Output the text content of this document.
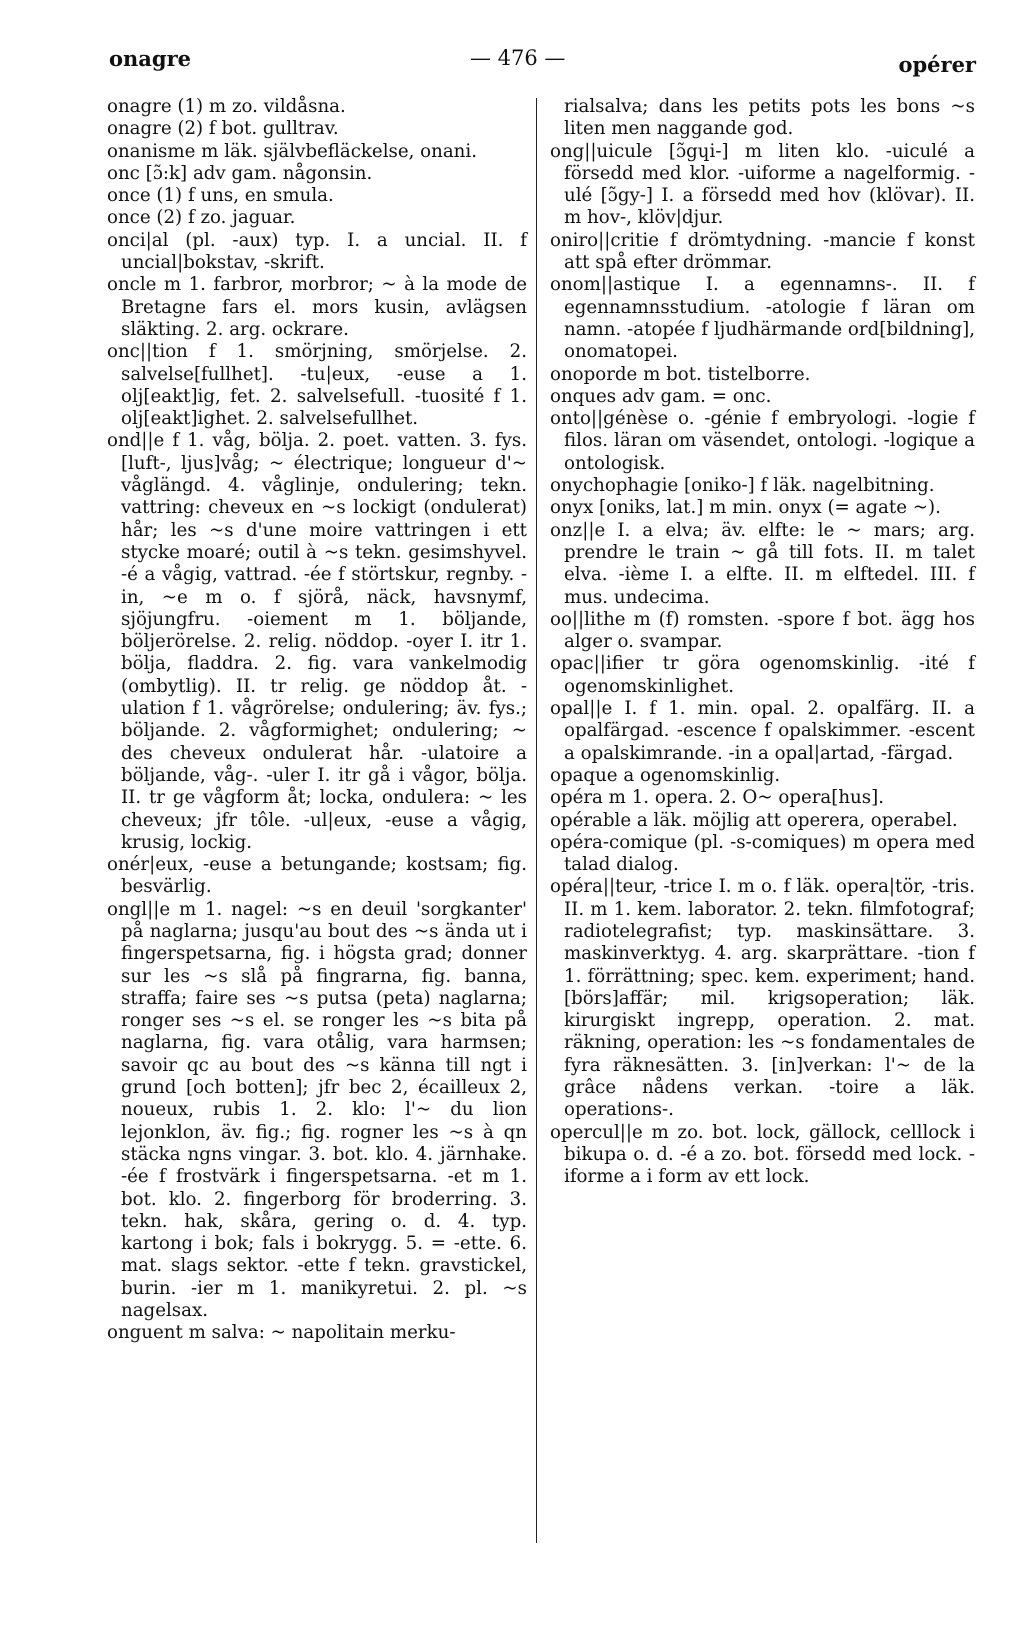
onagre	— 476 —	opérer

onagre (1) m zo. vildåsna.

onagre (2) f bot. gulltrav.

onanisme m läk. självbefläckelse, onani.

onc [ɔ̃:k] adv gam. någonsin.

once (1) f uns, en smula.

once (2) f zo. jaguar.

onci|al (pl. -aux) typ. I. a uncial. II. f uncial|bokstav, -skrift.

oncle m 1. farbror, morbror; ~ à la mode de Bretagne fars el. mors kusin, avlägsen släkting. 2. arg. ockrare.

onc||tion f 1. smörjning, smörjelse. 2. salvelse[fullhet]. -tu|eux, -euse a 1. olj[eakt]ig, fet. 2. salvelsefull. -tuosité f 1. olj[eakt]ighet. 2. salvelsefullhet.

ond||e f 1. våg, bölja. 2. poet. vatten. 3. fys. [luft-, ljus]våg; ~ électrique; longueur d'~ våglängd. 4. våglinje, ondulering; tekn. vattring: cheveux en ~s lockigt (ondulerat) hår; les ~s d'une moire vattringen i ett stycke moaré; outil à ~s tekn. gesimshyvel. -é a vågig, vattrad. -ée f störtskur, regnby. -in, ~e m o. f sjörå, näck, havsnymf, sjöjungfru. -oiement m 1. böljande, böljerörelse. 2. relig. nöddop. -oyer I. itr 1. bölja, fladdra. 2. fig. vara vankelmodig (ombytlig). II. tr relig. ge nöddop åt. -ulation f 1. vågrörelse; ondulering; äv. fys.; böljande. 2. vågformighet; ondulering; ~ des cheveux ondulerat hår. -ulatoire a böljande, våg-. -uler I. itr gå i vågor, bölja. II. tr ge vågform åt; locka, ondulera: ~ les cheveux; jfr tôle. -ul|eux, -euse a vågig, krusig, lockig.

onér|eux, -euse a betungande; kostsam; fig. besvärlig.

ongl||e m 1. nagel: ~s en deuil 'sorgkanter' på naglarna; jusqu'au bout des ~s ända ut i fingerspetsarna, fig. i högsta grad; donner sur les ~s slå på fingrarna, fig. banna, straffa; faire ses ~s putsa (peta) naglarna; ronger ses ~s el. se ronger les ~s bita på naglarna, fig. vara otålig, vara harmsen; savoir qc au bout des ~s känna till ngt i grund [och botten]; jfr bec 2, écailleux 2, noueux, rubis 1. 2. klo: l'~ du lion lejonklon, äv. fig.; fig. rogner les ~s à qn stäcka ngns vingar. 3. bot. klo. 4. järnhake. -ée f frostvärk i fingerspetsarna. -et m 1. bot. klo. 2. fingerborg för broderring. 3. tekn. hak, skåra, gering o. d. 4. typ. kartong i bok; fals i bokrygg. 5. = -ette. 6. mat. slags sektor. -ette f tekn. gravstickel, burin. -ier m 1. manikyretui. 2. pl. ~s nagelsax.

onguent m salva: ~ napolitain merku-

rialsalva; dans les petits pots les bons ~s liten men naggande god.

ong||uicule [ɔ̃gɥi-] m liten klo. -uiculé a försedd med klor. -uiforme a nagelformig. -ulé [ɔ̃gy-] I. a försedd med hov (klövar). II. m hov-, klöv|djur.

oniro||critie f drömtydning. -mancie f konst att spå efter drömmar.

onom||astique I. a egennamns-. II. f egennamnsstudium. -atologie f läran om namn. -atopée f ljudhärmande ord[bildning], onomatopei.

onoporde m bot. tistelborre.

onques adv gam. = onc.

onto||génèse o. -génie f embryologi. -logie f filos. läran om väsendet, ontologi. -logique a ontologisk.

onychophagie [oniko-] f läk. nagelbitning.

onyx [oniks, lat.] m min. onyx (= agate ~).

onz||e I. a elva; äv. elfte: le ~ mars; arg. prendre le train ~ gå till fots. II. m talet elva. -ième I. a elfte. II. m elftedel. III. f mus. undecima.

oo||lithe m (f) romsten. -spore f bot. ägg hos alger o. svampar.

opac||ifier tr göra ogenomskinlig. -ité f ogenomskinlighet.

opal||e I. f 1. min. opal. 2. opalfärg. II. a opalfärgad. -escence f opalskimmer. -escent a opalskimrande. -in a opal|artad, -färgad.

opaque a ogenomskinlig.

opéra m 1. opera. 2. O~ opera[hus].

opérable a läk. möjlig att operera, operabel.

opéra-comique (pl. -s-comiques) m opera med talad dialog.

opéra||teur, -trice I. m o. f läk. opera|tör, -tris. II. m 1. kem. laborator. 2. tekn. filmfotograf; radiotelegrafist; typ. maskinsättare. 3. maskinverktyg. 4. arg. skarprättare. -tion f 1. förrättning; spec. kem. experiment; hand. [börs]affär; mil. krigsoperation; läk. kirurgiskt ingrepp, operation. 2. mat. räkning, operation: les ~s fondamentales de fyra räknesätten. 3. [in]verkan: l'~ de la grâce nådens verkan. -toire a läk. operations-.

opercul||e m zo. bot. lock, gällock, celllock i bikupa o. d. -é a zo. bot. försedd med lock. -iforme a i form av ett lock.
